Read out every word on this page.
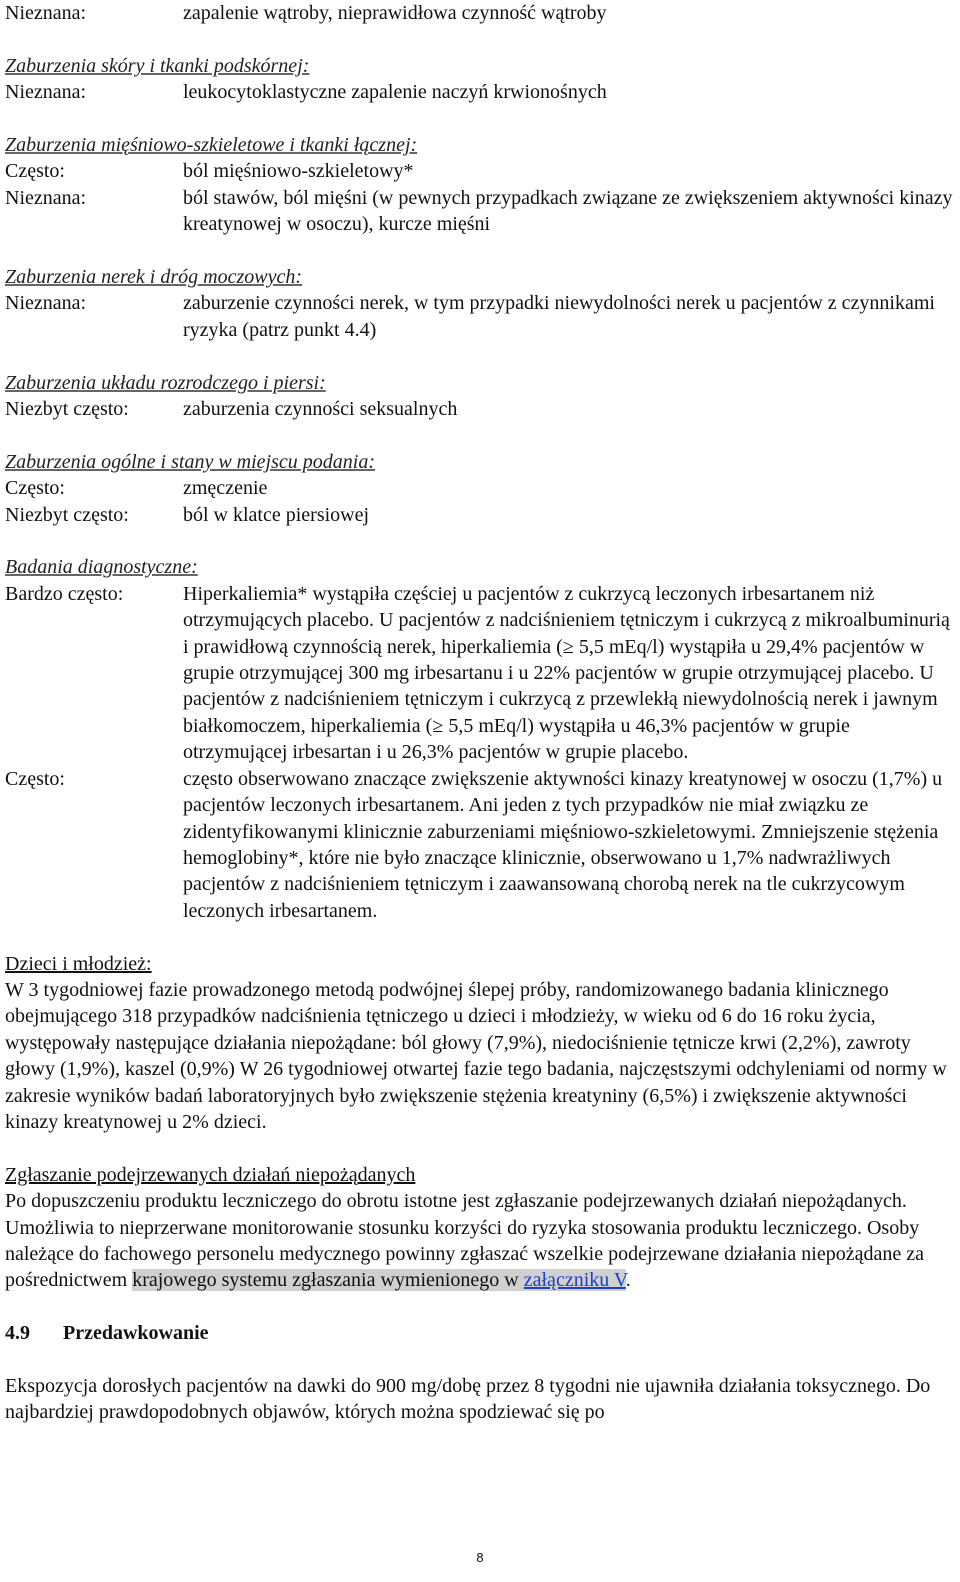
Nieznana:	zapalenie wątroby, nieprawidłowa czynność wątroby
Zaburzenia skóry i tkanki podskórnej:
Nieznana:	leukocytoklastyczne zapalenie naczyń krwionośnych
Zaburzenia mięśniowo-szkieletowe i tkanki łącznej:
Często:	ból mięśniowo-szkieletowy*
Nieznana:	ból stawów, ból mięśni (w pewnych przypadkach związane ze zwiększeniem aktywności kinazy kreatynowej w osoczu), kurcze mięśni
Zaburzenia nerek i dróg moczowych:
Nieznana:	zaburzenie czynności nerek, w tym przypadki niewydolności nerek u pacjentów z czynnikami ryzyka (patrz punkt 4.4)
Zaburzenia układu rozrodczego i piersi:
Niezbyt często:	zaburzenia czynności seksualnych
Zaburzenia ogólne i stany w miejscu podania:
Często:	zmęczenie
Niezbyt często:	ból w klatce piersiowej
Badania diagnostyczne:
Bardzo często:	Hiperkaliemia* wystąpiła częściej u pacjentów z cukrzycą leczonych irbesartanem niż otrzymujących placebo. U pacjentów z nadciśnieniem tętniczym i cukrzycą z mikroalbuminurią i prawidłową czynnością nerek, hiperkaliemia (≥ 5,5 mEq/l) wystąpiła u 29,4% pacjentów w grupie otrzymującej 300 mg irbesartanu i u 22% pacjentów w grupie otrzymującej placebo. U pacjentów z nadciśnieniem tętniczym i cukrzycą z przewlekłą niewydolnością nerek i jawnym białkomoczem, hiperkaliemia (≥ 5,5 mEq/l) wystąpiła u 46,3% pacjentów w grupie otrzymującej irbesartan i u 26,3% pacjentów w grupie placebo.
Często:	często obserwowano znaczące zwiększenie aktywności kinazy kreatynowej w osoczu (1,7%) u pacjentów leczonych irbesartanem. Ani jeden z tych przypadków nie miał związku ze zidentyfikowanymi klinicznie zaburzeniami mięśniowo-szkieletowymi. Zmniejszenie stężenia hemoglobiny*, które nie było znaczące klinicznie, obserwowano u 1,7% nadwrażliwych pacjentów z nadciśnieniem tętniczym i zaawansowaną chorobą nerek na tle cukrzycowym leczonych irbesartanem.
Dzieci i młodzież:
W 3 tygodniowej fazie prowadzonego metodą podwójnej ślepej próby, randomizowanego badania klinicznego obejmującego 318 przypadków nadciśnienia tętniczego u dzieci i młodzieży, w wieku od 6 do 16 roku życia, występowały następujące działania niepożądane: ból głowy (7,9%), niedociśnienie tętnicze krwi (2,2%), zawroty głowy (1,9%), kaszel (0,9%) W 26 tygodniowej otwartej fazie tego badania, najczęstszymi odchyleniami od normy w zakresie wyników badań laboratoryjnych było zwiększenie stężenia kreatyniny (6,5%) i zwiększenie aktywności kinazy kreatynowej u 2% dzieci.
Zgłaszanie podejrzewanych działań niepożądanych
Po dopuszczeniu produktu leczniczego do obrotu istotne jest zgłaszanie podejrzewanych działań niepożądanych. Umożliwia to nieprzerwane monitorowanie stosunku korzyści do ryzyka stosowania produktu leczniczego. Osoby należące do fachowego personelu medycznego powinny zgłaszać wszelkie podejrzewane działania niepożądane za pośrednictwem krajowego systemu zgłaszania wymienionego w załączniku V.
4.9	Przedawkowanie
Ekspozycja dorosłych pacjentów na dawki do 900 mg/dobę przez 8 tygodni nie ujawniła działania toksycznego. Do najbardziej prawdopodobnych objawów, których można spodziewać się po
8
